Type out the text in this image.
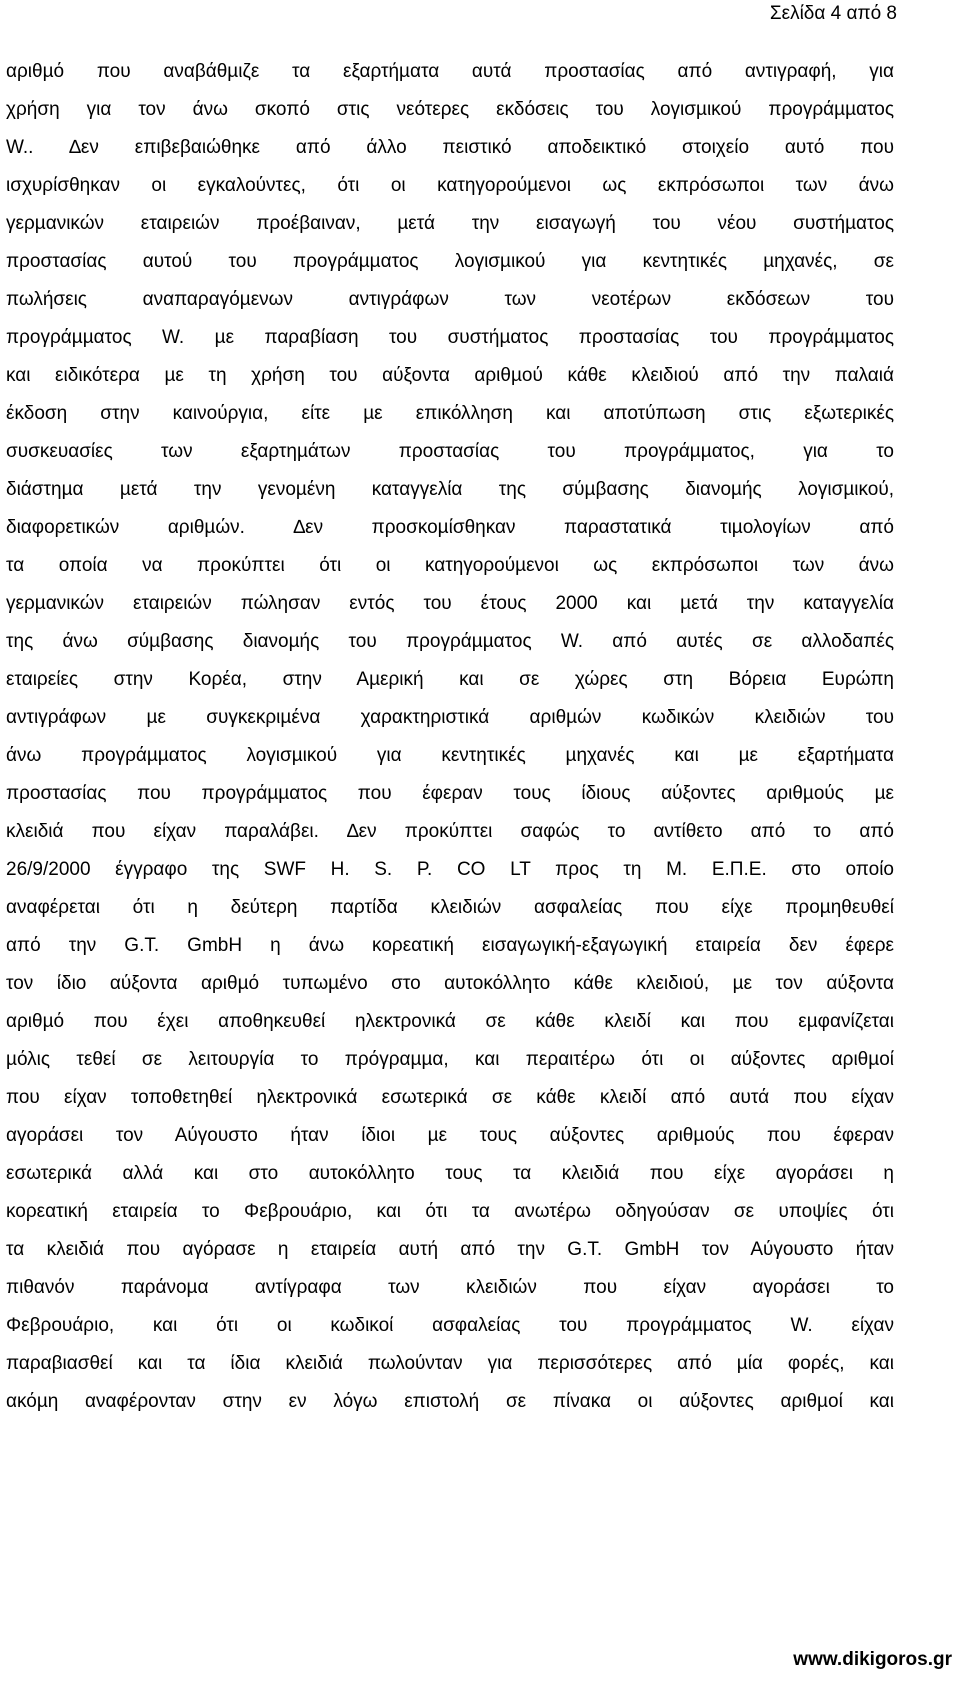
Σελίδα 4 από 8
αριθµό που αναβάθµιζε τα εξαρτήµατα αυτά προστασίας από αντιγραφή, για
χρήση για τον άνω σκοπό στις νεότερες εκδόσεις του λογισµικού προγράµµατος
W.. ∆εν επιβεβαιώθηκε από άλλο πειστικό αποδεικτικό στοιχείο αυτό που
ισχυρίσθηκαν οι εγκαλούντες, ότι οι κατηγορούµενοι ως εκπρόσωποι των άνω
γερµανικών εταιρειών προέβαιναν, µετά την εισαγωγή του νέου συστήµατος
προστασίας αυτού του προγράµµατος λογισµικού για κεντητικές µηχανές, σε
πωλήσεις αναπαραγόµενων αντιγράφων των νεοτέρων εκδόσεων του
προγράµµατος W. µε παραβίαση του συστήµατος προστασίας του προγράµµατος
και ειδικότερα µε τη χρήση του αύξοντα αριθµού κάθε κλειδιού από την παλαιά
έκδοση στην καινούργια, είτε µε επικόλληση και αποτύπωση στις εξωτερικές
συσκευασίες των εξαρτηµάτων προστασίας του προγράµµατος, για το
διάστηµα µετά την γενοµένη καταγγελία της σύµβασης διανοµής λογισµικού,
διαφορετικών αριθµών. ∆εν προσκοµίσθηκαν παραστατικά τιµολογίων από
τα οποία να προκύπτει ότι οι κατηγορούµενοι ως εκπρόσωποι των άνω
γερµανικών εταιρειών πώλησαν εντός του έτους 2000 και µετά την καταγγελία
της άνω σύµβασης διανοµής του προγράµµατος W. από αυτές σε αλλοδαπές
εταιρείες στην Κορέα, στην Αµερική και σε χώρες στη Βόρεια Ευρώπη
αντιγράφων µε συγκεκριµένα χαρακτηριστικά αριθµών κωδικών κλειδιών του
άνω προγράµµατος λογισµικού για κεντητικές µηχανές και µε εξαρτήµατα
προστασίας που προγράµµατος που έφεραν τους ίδιους αύξοντες αριθµούς µε
κλειδιά που είχαν παραλάβει. ∆εν προκύπτει σαφώς το αντίθετο από το από
26/9/2000 έγγραφο της SWF H. S. P. CO LT προς τη Μ. Ε.Π.Ε. στο οποίο
αναφέρεται ότι η δεύτερη παρτίδα κλειδιών ασφαλείας που είχε προµηθευθεί
από την G.T. GmbH η άνω κορεατική εισαγωγική-εξαγωγική εταιρεία δεν έφερε
τον ίδιο αύξοντα αριθµό τυπωµένο στο αυτοκόλλητο κάθε κλειδιού, µε τον αύξοντα
αριθµό που έχει αποθηκευθεί ηλεκτρονικά σε κάθε κλειδί και που εµφανίζεται
µόλις τεθεί σε λειτουργία το πρόγραµµα, και περαιτέρω ότι οι αύξοντες αριθµοί
που είχαν τοποθετηθεί ηλεκτρονικά εσωτερικά σε κάθε κλειδί από αυτά που είχαν
αγοράσει τον Αύγουστο ήταν ίδιοι µε τους αύξοντες αριθµούς που έφεραν
εσωτερικά αλλά και στο αυτοκόλλητο τους τα κλειδιά που είχε αγοράσει η
κορεατική εταιρεία το Φεβρουάριο, και ότι τα ανωτέρω οδηγούσαν σε υποψίες ότι
τα κλειδιά που αγόρασε η εταιρεία αυτή από την G.T. GmbH τον Αύγουστο ήταν
πιθανόν παράνοµα αντίγραφα των κλειδιών που είχαν αγοράσει το
Φεβρουάριο, και ότι οι κωδικοί ασφαλείας του προγράµµατος W. είχαν
παραβιασθεί και τα ίδια κλειδιά πωλούνταν για περισσότερες από µία φορές, και
ακόµη αναφέρονταν στην εν λόγω επιστολή σε πίνακα οι αύξοντες αριθµοί και
www.dikigoros.gr
